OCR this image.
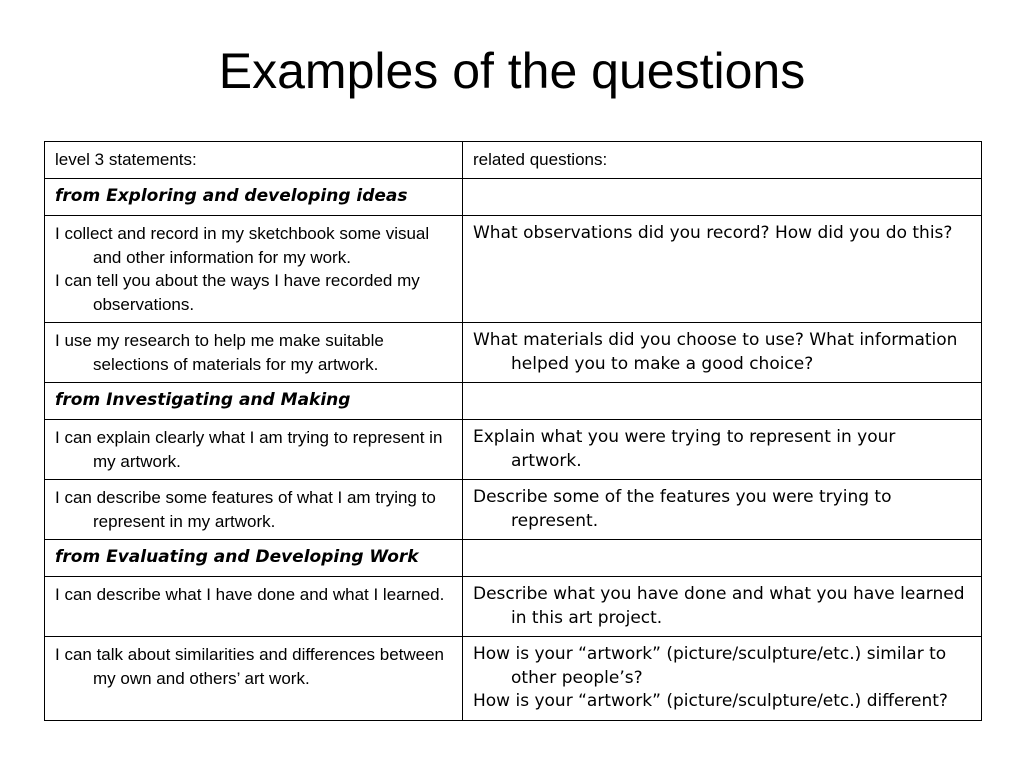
Examples of the questions
level 3 statements:	related questions:
from Exploring and developing ideas	

I collect and record in my sketchbook some visual and other information for my work.
I can tell you about the ways I have recorded my observations.	What observations did you record? How did you do this?

I use my research to help me make suitable selections of materials for my artwork.	What materials did you choose to use? What information helped you to make a good choice?

from Investigating and Making	

I can explain clearly what I am trying to represent in my artwork.	Explain what you were trying to represent in your artwork.

I can describe some features of what I am trying to represent in my artwork.	Describe some of the features you were trying to represent.

from Evaluating and Developing Work	

I can describe what I have done and what I learned.	Describe what you have done and what you have learned in this art project.

I can talk about similarities and differences between my own and others’ art work.	How is your “artwork” (picture/sculpture/etc.) similar to other people’s?
How is your “artwork” (picture/sculpture/etc.) different?
